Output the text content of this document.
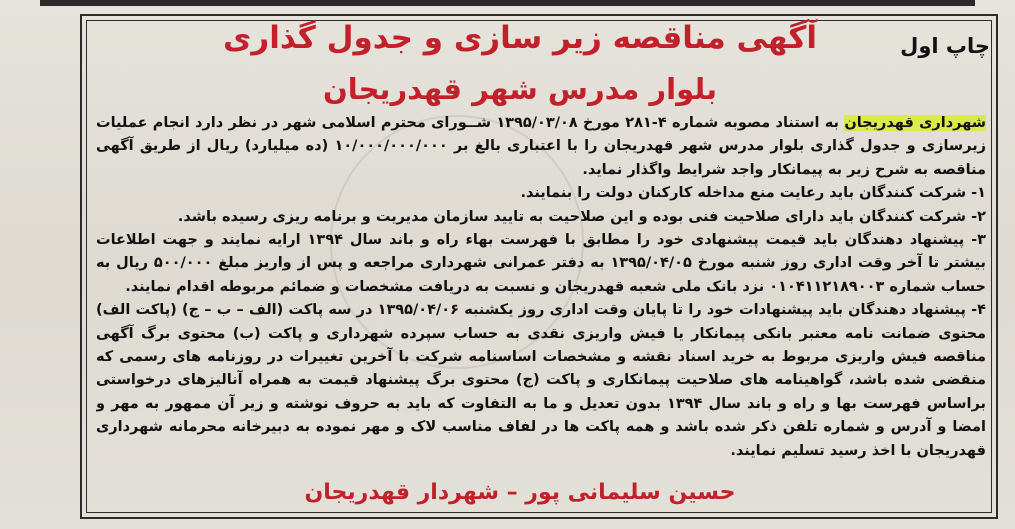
چاپ اول
آگهی مناقصه زیر سازی و جدول گذاری
بلوار مدرس شهر قهدریجان

شهرداری قهدریجان به استناد مصوبه شماره ۴-۲۸۱ مورخ ۱۳۹۵/۰۳/۰۸ شــورای محترم اسلامی شهر در نظر دارد انجام عملیات زیرسازی و جدول گذاری بلوار مدرس شهر قهدریجان را با اعتباری بالغ بر ۱۰/۰۰۰/۰۰۰/۰۰۰ (ده میلیارد) ریال از طریق آگهی مناقصه به شرح زیر به پیمانکار واجد شرایط واگذار نماید.

۱- شرکت کنندگان باید رعایت منع مداخله کارکنان دولت را بنمایند.

۲- شرکت کنندگان باید دارای صلاحیت فنی بوده و این صلاحیت به تایید سازمان مدیریت و برنامه ریزی رسیده باشد.

۳- پیشنهاد دهندگان باید قیمت پیشنهادی خود را مطابق با فهرست بهاء راه و باند سال ۱۳۹۴ ارایه نمایند و جهت اطلاعات بیشتر تا آخر وقت اداری روز شنبه مورخ ۱۳۹۵/۰۴/۰۵ به دفتر عمرانی شهرداری مراجعه و پس از واریز مبلغ ۵۰۰/۰۰۰ ریال به حساب شماره ۰۱۰۴۱۱۲۱۸۹۰۰۳ نزد بانک ملی شعبه قهدریجان و نسبت به دریافت مشخصات و ضمائم مربوطه اقدام نمایند.

۴- پیشنهاد دهندگان باید پیشنهادات خود را تا پایان وقت اداری روز یکشنبه ۱۳۹۵/۰۴/۰۶ در سه پاکت (الف – ب – ج) (پاکت الف) محتوی ضمانت نامه معتبر بانکی پیمانکار یا فیش واریزی نقدی به حساب سپرده شهرداری و پاکت (ب) محتوی برگ آگهی مناقصه فیش واریزی مربوط به خرید اسناد نقشه و مشخصات اساسنامه شرکت با آخرین تغییرات در روزنامه های رسمی که منقضی شده باشد، گواهینامه های صلاحیت پیمانکاری و پاکت (ج) محتوی برگ پیشنهاد قیمت به همراه آنالیزهای درخواستی براساس فهرست بها و راه و باند سال ۱۳۹۴ بدون تعدیل و ما به التفاوت که باید به حروف نوشته و زیر آن ممهور به مهر و امضا و آدرس و شماره تلفن ذکر شده باشد و همه پاکت ها در لفاف مناسب لاک و مهر نموده به دبیرخانه محرمانه شهرداری قهدریجان با اخذ رسید تسلیم نمایند.

حسین سلیمانی پور – شهردار قهدریجان
